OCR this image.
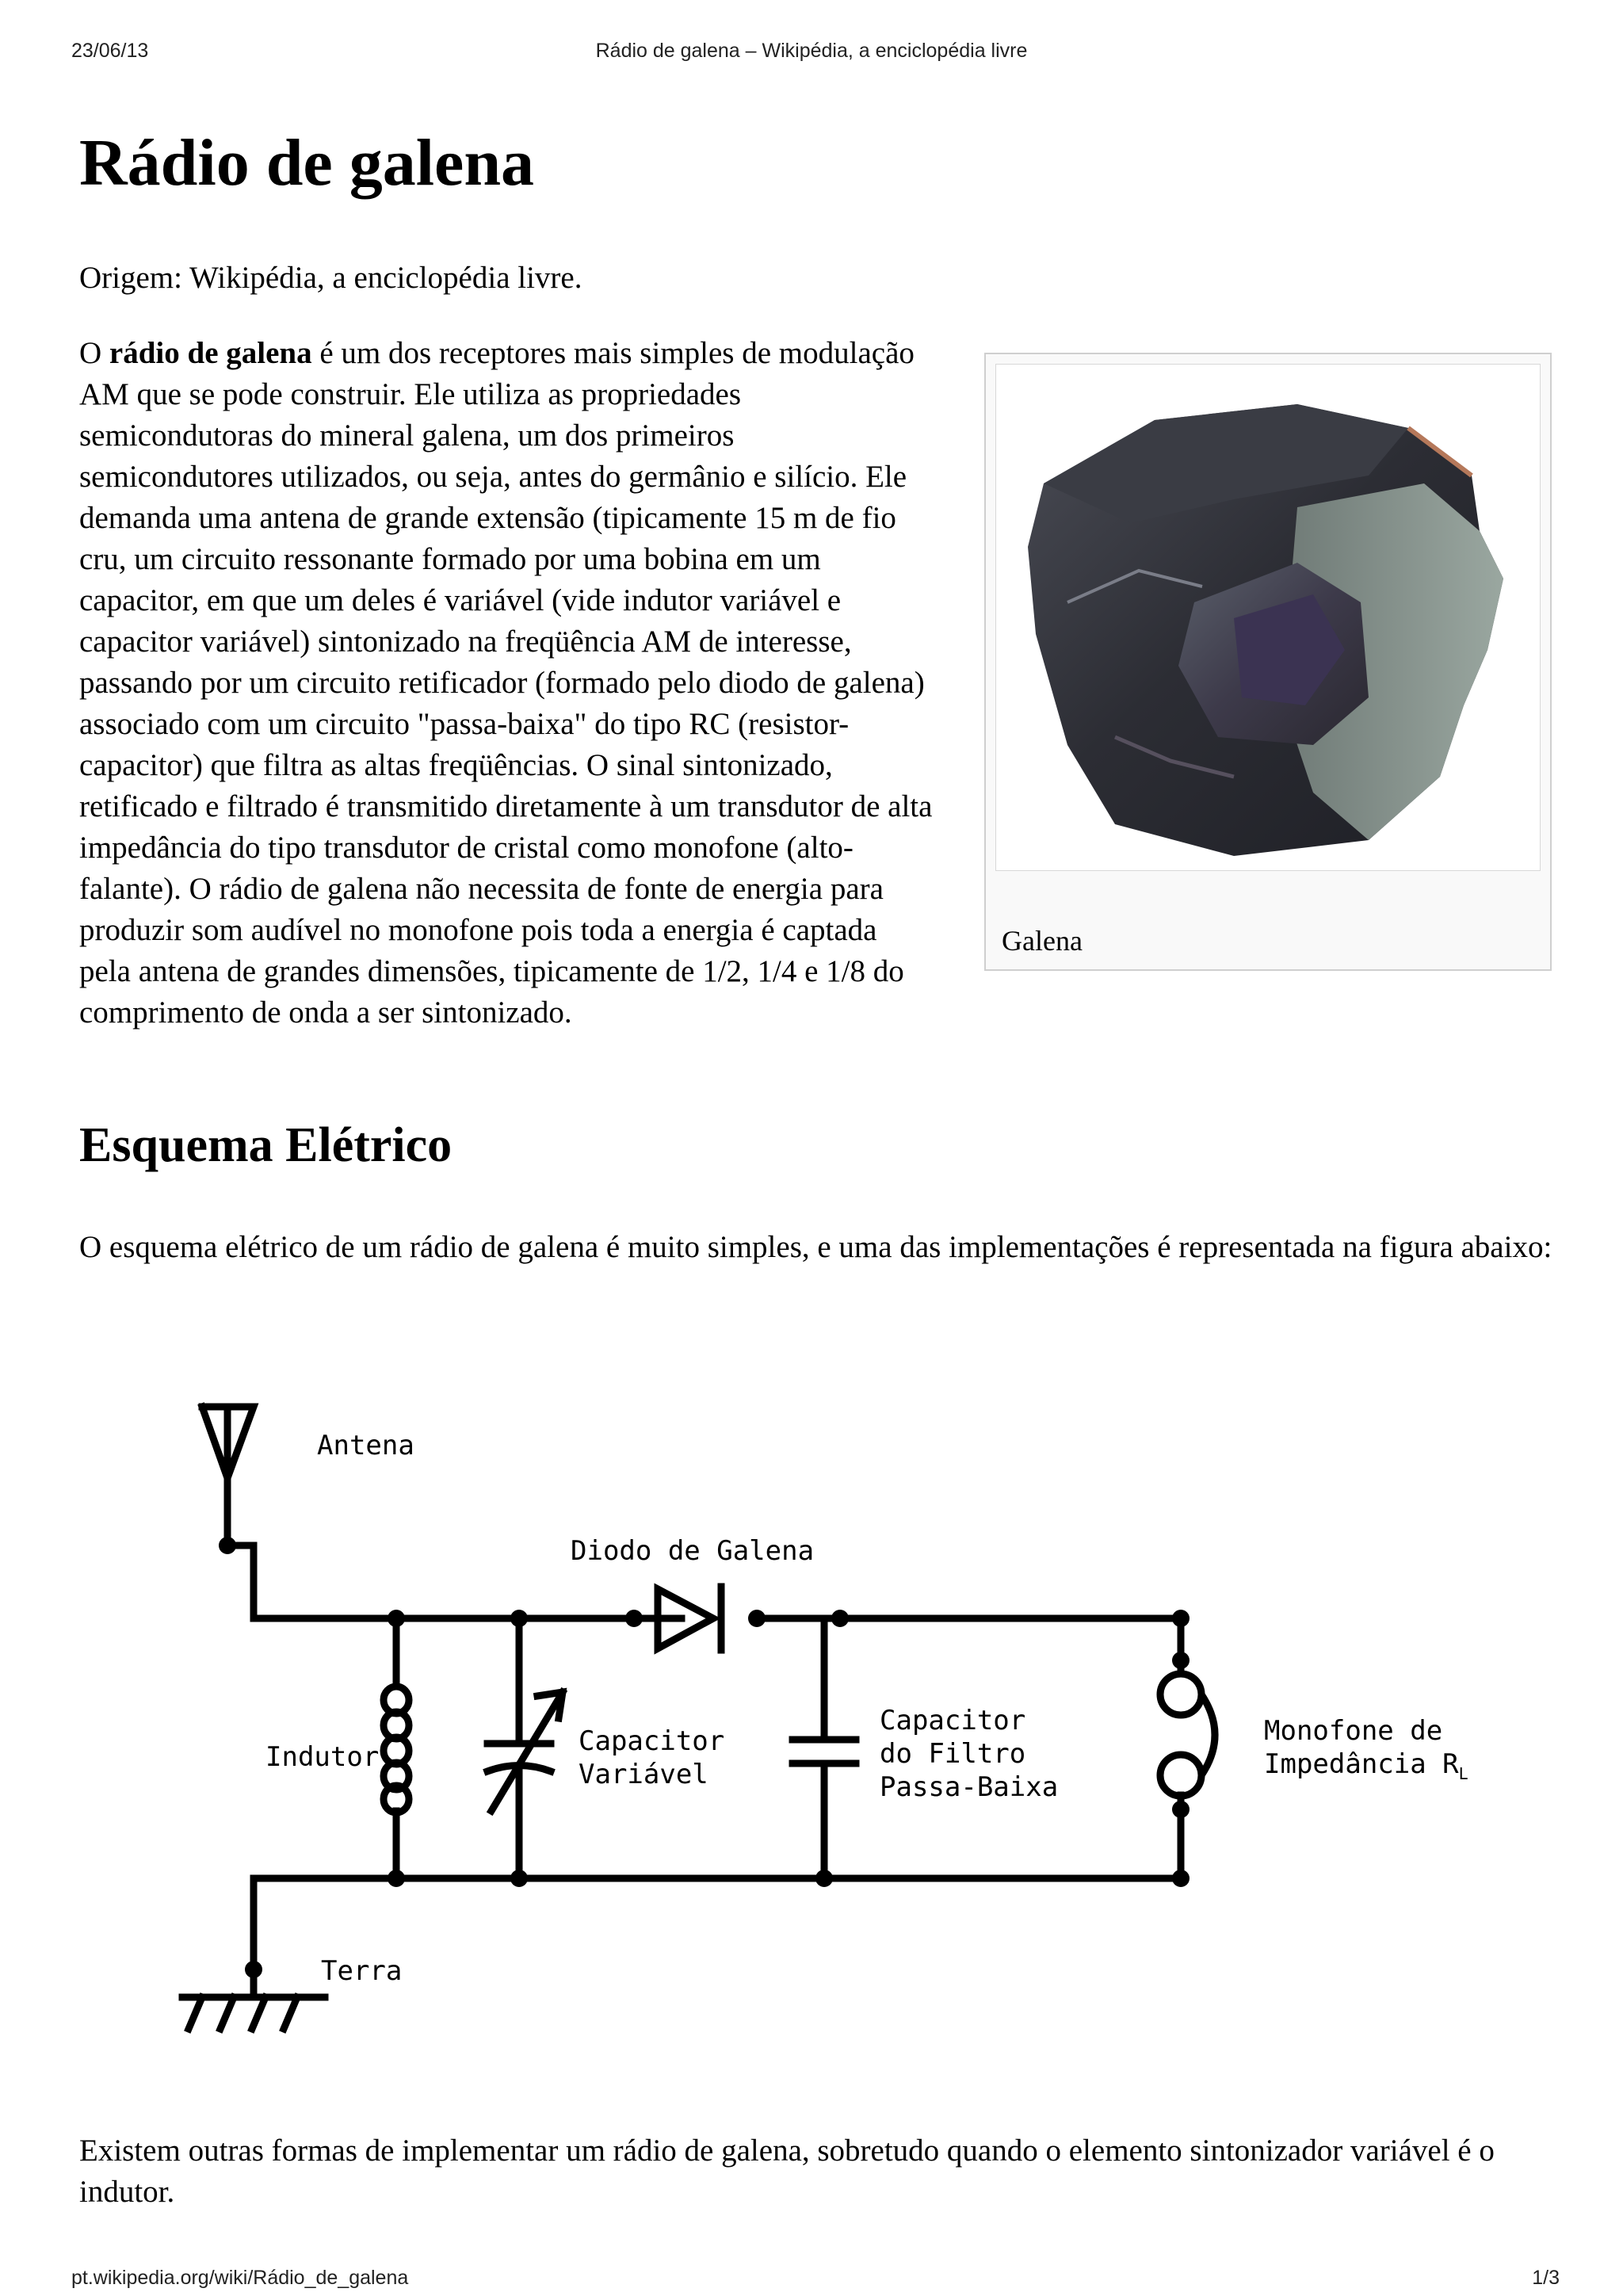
23/06/13	Rádio de galena – Wikipédia, a enciclopédia livre
Rádio de galena

Origem: Wikipédia, a enciclopédia livre.

O rádio de galena é um dos receptores mais simples de modulação AM que se pode construir. Ele utiliza as propriedades semicondutoras do mineral galena, um dos primeiros semicondutores utilizados, ou seja, antes do germânio e silício. Ele demanda uma antena de grande extensão (tipicamente 15 m de fio cru, um circuito ressonante formado por uma bobina em um capacitor, em que um deles é variável (vide indutor variável e capacitor variável) sintonizado na freqüência AM de interesse, passando por um circuito retificador (formado pelo diodo de galena) associado com um circuito "passa-baixa" do tipo RC (resistor-capacitor) que filtra as altas freqüências. O sinal sintonizado, retificado e filtrado é transmitido diretamente à um transdutor de alta impedância do tipo transdutor de cristal como monofone (alto-falante). O rádio de galena não necessita de fonte de energia para produzir som audível no monofone pois toda a energia é captada pela antena de grandes dimensões, tipicamente de 1/2, 1/4 e 1/8 do comprimento de onda a ser sintonizado.

Galena

Esquema Elétrico

O esquema elétrico de um rádio de galena é muito simples, e uma das implementações é representada na figura abaixo:

Antena
Diodo de Galena
Indutor	Capacitor
Variável
Capacitor
do Filtro
Passa-Baixa
Monofone de
Impedância $R_L$
Terra

Existem outras formas de implementar um rádio de galena, sobretudo quando o elemento sintonizador variável é o indutor.

pt.wikipedia.org/wiki/Rádio_de_galena	1/3
